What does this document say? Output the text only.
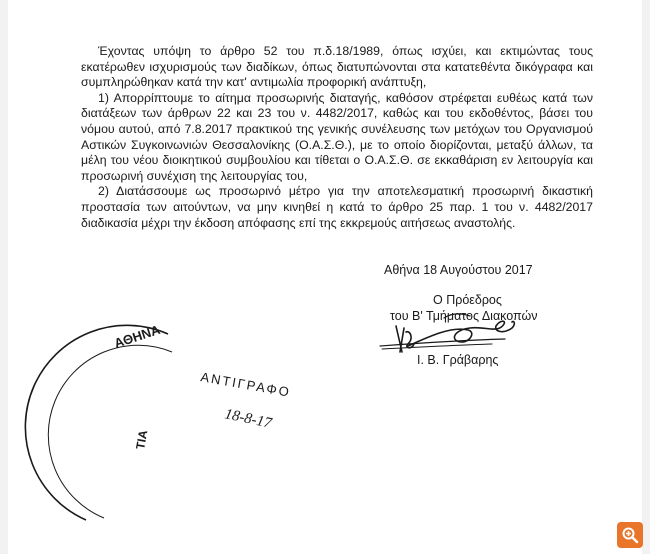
Έχοντας υπόψη το άρθρο 52 του π.δ.18/1989, όπως ισχύει, και εκτιμώντας τους εκατέρωθεν ισχυρισμούς των διαδίκων, όπως διατυπώνονται στα κατατεθέντα δικόγραφα και συμπληρώθηκαν κατά την κατ' αντιμωλία προφορική ανάπτυξη,

1) Απορρίπτουμε το αίτημα προσωρινής διαταγής, καθόσον στρέφεται ευθέως κατά των διατάξεων των άρθρων 22 και 23 του ν. 4482/2017, καθώς και του εκδοθέντος, βάσει του νόμου αυτού, από 7.8.2017 πρακτικού της γενικής συνέλευσης των μετόχων του Οργανισμού Αστικών Συγκοινωνιών Θεσσαλονίκης (Ο.Α.Σ.Θ.), με το οποίο διορίζονται, μεταξύ άλλων, τα μέλη του νέου διοικητικού συμβουλίου και τίθεται ο Ο.Α.Σ.Θ. σε εκκαθάριση εν λειτουργία και προσωρινή συνέχιση της λειτουργίας του,

2) Διατάσσουμε ως προσωρινό μέτρο για την αποτελεσματική προσωρινή δικαστική προστασία των αιτούντων, να μην κινηθεί η κατά το άρθρο 25 παρ. 1 του ν. 4482/2017 διαδικασία μέχρι την έκδοση απόφασης επί της εκκρεμούς αιτήσεως αναστολής.

Αθήνα 18 Αυγούστου 2017
Ο Πρόεδρος
του Β' Τμήματος Διακοπών
Ι. Β. Γράβαρης
ΑΘΗΝΑ
ΤΙΑ
ΑΝΤΙΓΡΑΦΟ
18-8-17
